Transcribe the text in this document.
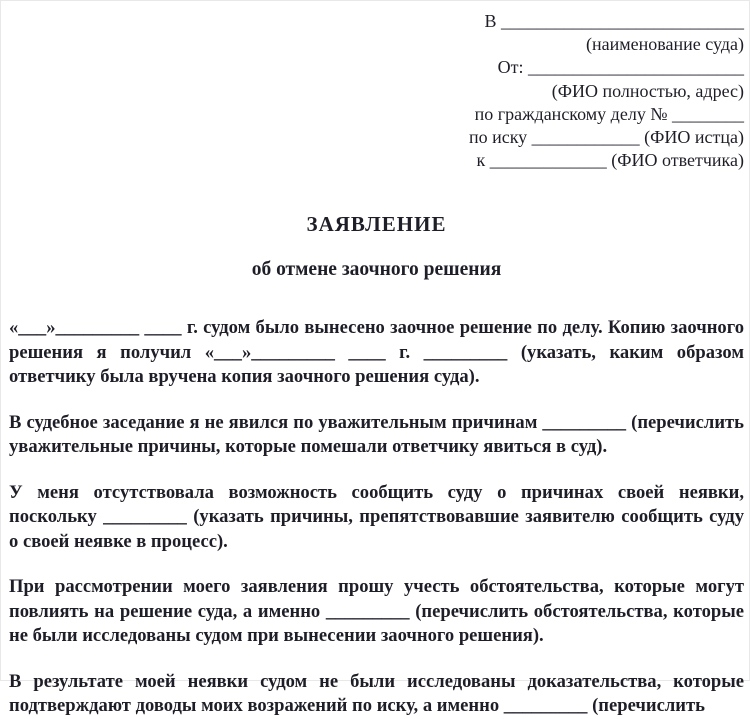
В ___________________________
(наименование суда)
От: ________________________
(ФИО полностью, адрес)
по гражданскому делу № ________
по иску ____________ (ФИО истца)
к _____________ (ФИО ответчика)
ЗАЯВЛЕНИЕ
об отмене заочного решения

«___»_________ ____ г. судом было вынесено заочное решение по делу. Копию заочного решения я получил «___»_________ ____ г. _________ (указать, каким образом ответчику была вручена копия заочного решения суда).

В судебное заседание я не явился по уважительным причинам _________ (перечислить уважительные причины, которые помешали ответчику явиться в суд).

У меня отсутствовала возможность сообщить суду о причинах своей неявки, поскольку _________ (указать причины, препятствовавшие заявителю сообщить суду о своей неявке в процесс).

При рассмотрении моего заявления прошу учесть обстоятельства, которые могут повлиять на решение суда, а именно _________ (перечислить обстоятельства, которые не были исследованы судом при вынесении заочного решения).

В результате моей неявки судом не были исследованы доказательства, которые подтверждают доводы моих возражений по иску, а именно _________ (перечислить
